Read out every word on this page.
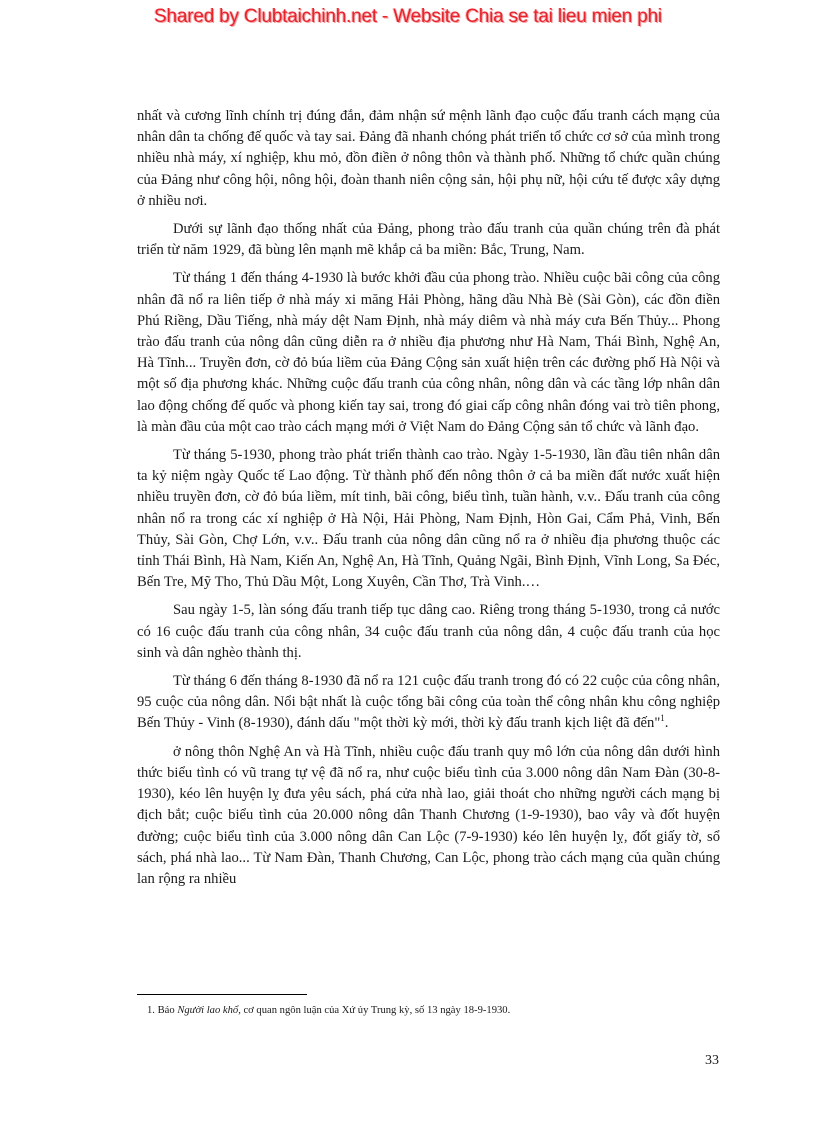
Shared by Clubtaichinh.net - Website Chia se tai lieu mien phi

nhất và cương lĩnh chính trị đúng đắn, đảm nhận sứ mệnh lãnh đạo cuộc đấu tranh cách mạng của nhân dân ta chống đế quốc và tay sai. Đảng đã nhanh chóng phát triển tổ chức cơ sở của mình trong nhiều nhà máy, xí nghiệp, khu mỏ, đồn điền ở nông thôn và thành phố. Những tổ chức quần chúng của Đảng như công hội, nông hội, đoàn thanh niên cộng sản, hội phụ nữ, hội cứu tế được xây dựng ở nhiều nơi.

Dưới sự lãnh đạo thống nhất của Đảng, phong trào đấu tranh của quần chúng trên đà phát triển từ năm 1929, đã bùng lên mạnh mẽ khắp cả ba miền: Bắc, Trung, Nam.

Từ tháng 1 đến tháng 4-1930 là bước khởi đầu của phong trào. Nhiều cuộc bãi công của công nhân đã nổ ra liên tiếp ở nhà máy xi măng Hải Phòng, hãng dầu Nhà Bè (Sài Gòn), các đồn điền Phú Riềng, Dầu Tiếng, nhà máy dệt Nam Định, nhà máy diêm và nhà máy cưa Bến Thủy... Phong trào đấu tranh của nông dân cũng diễn ra ở nhiều địa phương như Hà Nam, Thái Bình, Nghệ An, Hà Tĩnh... Truyền đơn, cờ đỏ búa liềm của Đảng Cộng sản xuất hiện trên các đường phố Hà Nội và một số địa phương khác. Những cuộc đấu tranh của công nhân, nông dân và các tầng lớp nhân dân lao động chống đế quốc và phong kiến tay sai, trong đó giai cấp công nhân đóng vai trò tiên phong, là màn đầu của một cao trào cách mạng mới ở Việt Nam do Đảng Cộng sản tổ chức và lãnh đạo.

Từ tháng 5-1930, phong trào phát triển thành cao trào. Ngày 1-5-1930, lần đầu tiên nhân dân ta kỷ niệm ngày Quốc tế Lao động. Từ thành phố đến nông thôn ở cả ba miền đất nước xuất hiện nhiều truyền đơn, cờ đỏ búa liềm, mít tinh, bãi công, biểu tình, tuần hành, v.v.. Đấu tranh của công nhân nổ ra trong các xí nghiệp ở Hà Nội, Hải Phòng, Nam Định, Hòn Gai, Cẩm Phả, Vinh, Bến Thủy, Sài Gòn, Chợ Lớn, v.v.. Đấu tranh của nông dân cũng nổ ra ở nhiều địa phương thuộc các tỉnh Thái Bình, Hà Nam, Kiến An, Nghệ An, Hà Tĩnh, Quảng Ngãi, Bình Định, Vĩnh Long, Sa Đéc, Bến Tre, Mỹ Tho, Thủ Dầu Một, Long Xuyên, Cần Thơ, Trà Vinh.…

Sau ngày 1-5, làn sóng đấu tranh tiếp tục dâng cao. Riêng trong tháng 5-1930, trong cả nước có 16 cuộc đấu tranh của công nhân, 34 cuộc đấu tranh của nông dân, 4 cuộc đấu tranh của học sinh và dân nghèo thành thị.

Từ tháng 6 đến tháng 8-1930 đã nổ ra 121 cuộc đấu tranh trong đó có 22 cuộc của công nhân, 95 cuộc của nông dân. Nổi bật nhất là cuộc tổng bãi công của toàn thể công nhân khu công nghiệp Bến Thủy - Vinh (8-1930), đánh dấu "một thời kỳ mới, thời kỳ đấu tranh kịch liệt đã đến"$^1$.

ở nông thôn Nghệ An và Hà Tĩnh, nhiều cuộc đấu tranh quy mô lớn của nông dân dưới hình thức biểu tình có vũ trang tự vệ đã nổ ra, như cuộc biểu tình của 3.000 nông dân Nam Đàn (30-8-1930), kéo lên huyện lỵ đưa yêu sách, phá cửa nhà lao, giải thoát cho những người cách mạng bị địch bắt; cuộc biểu tình của 20.000 nông dân Thanh Chương (1-9-1930), bao vây và đốt huyện đường; cuộc biểu tình của 3.000 nông dân Can Lộc (7-9-1930) kéo lên huyện lỵ, đốt giấy tờ, sổ sách, phá nhà lao... Từ Nam Đàn, Thanh Chương, Can Lộc, phong trào cách mạng của quần chúng lan rộng ra nhiều

1. Báo Người lao khổ, cơ quan ngôn luận của Xứ ủy Trung kỳ, số 13 ngày 18-9-1930.
33
